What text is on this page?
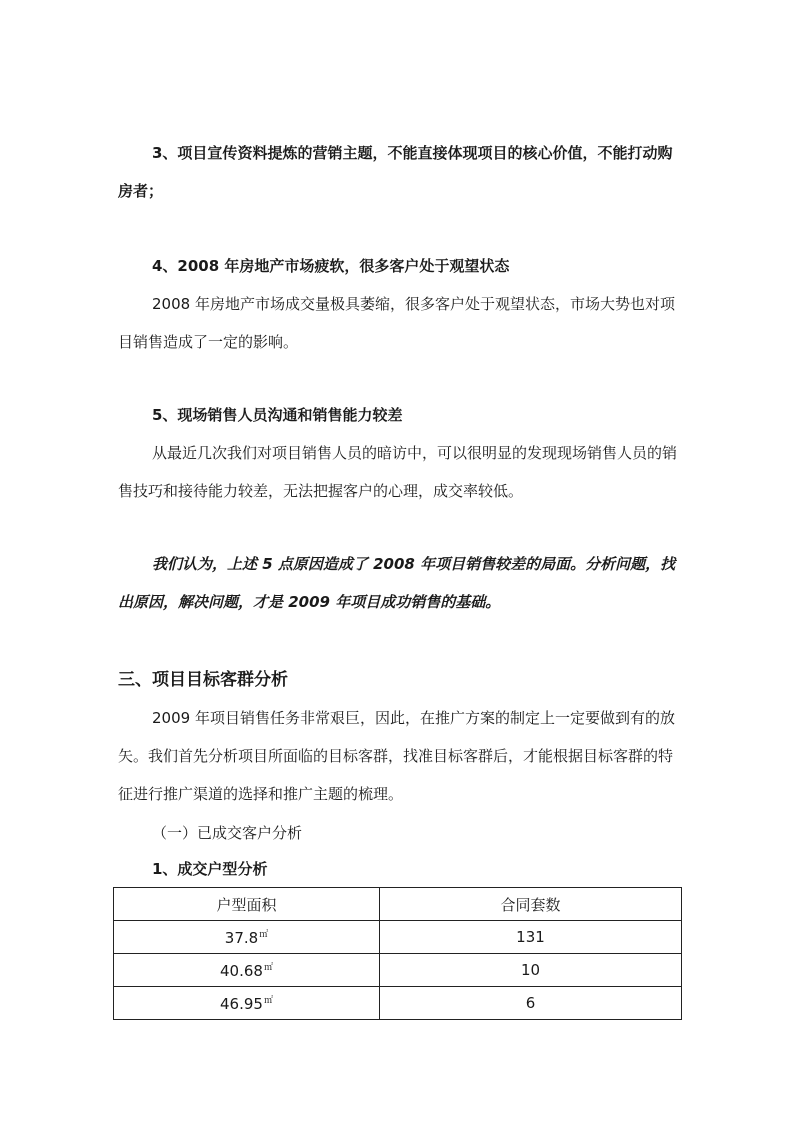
3、项目宣传资料提炼的营销主题，不能直接体现项目的核心价值，不能打动购房者；
4、2008 年房地产市场疲软，很多客户处于观望状态
2008 年房地产市场成交量极具萎缩，很多客户处于观望状态，市场大势也对项目销售造成了一定的影响。
5、现场销售人员沟通和销售能力较差
从最近几次我们对项目销售人员的暗访中，可以很明显的发现现场销售人员的销售技巧和接待能力较差，无法把握客户的心理，成交率较低。
我们认为，上述 5 点原因造成了 2008 年项目销售较差的局面。分析问题，找出原因，解决问题，才是 2009 年项目成功销售的基础。
三、项目目标客群分析
2009 年项目销售任务非常艰巨，因此，在推广方案的制定上一定要做到有的放矢。我们首先分析项目所面临的目标客群，找准目标客群后，才能根据目标客群的特征进行推广渠道的选择和推广主题的梳理。
（一）已成交客户分析
1、成交户型分析
户型面积	合同套数
37.8㎡	131
40.68㎡	10
46.95㎡	6
